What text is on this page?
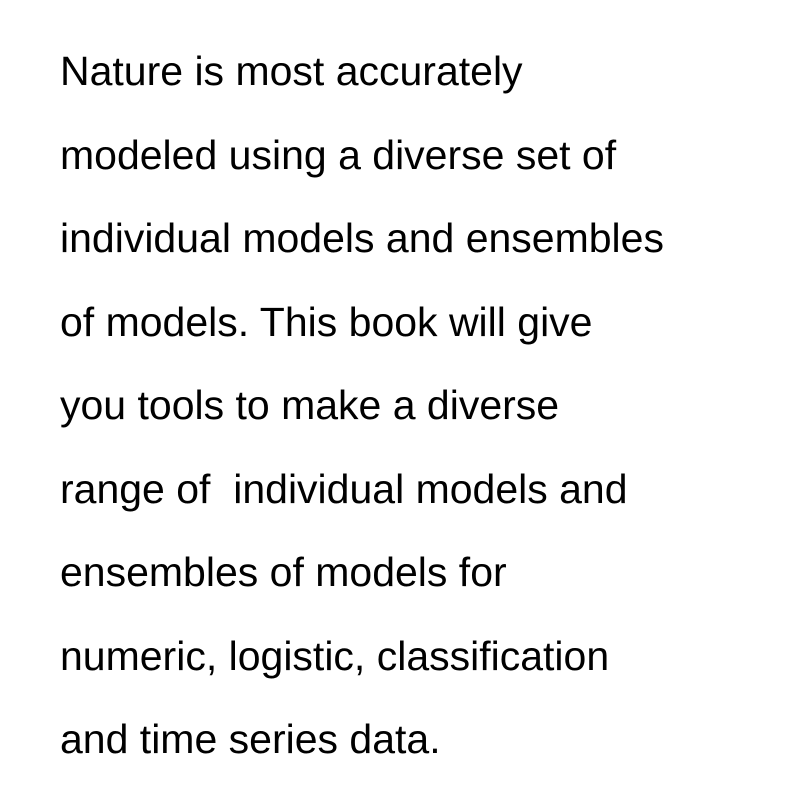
Nature is most accurately
modeled using a diverse set of
individual models and ensembles
of models. This book will give
you tools to make a diverse
range of  individual models and
ensembles of models for
numeric, logistic, classification
and time series data.
